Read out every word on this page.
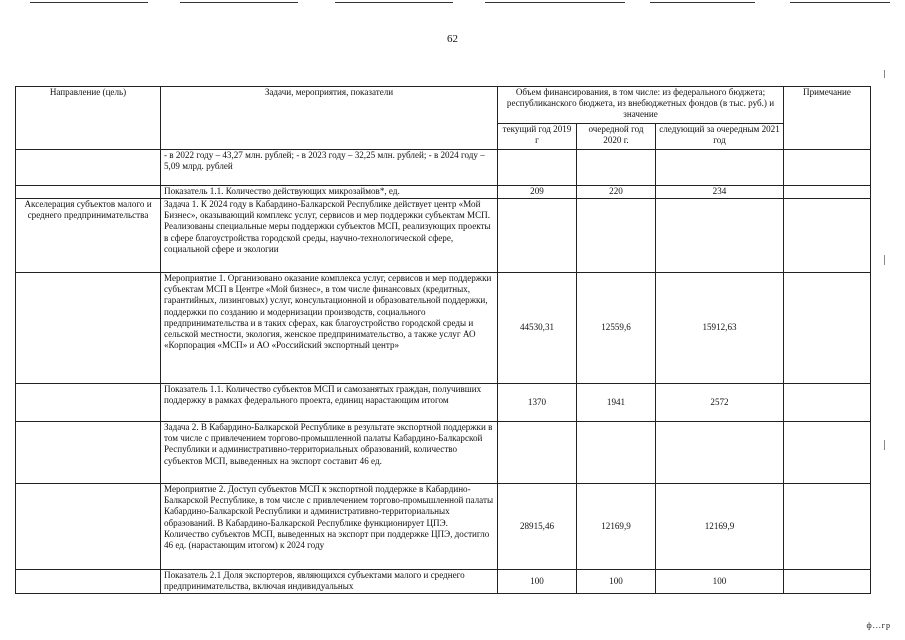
62
Направление (цель)	Задачи, мероприятия, показатели	Объем финансирования, в том числе: из федерального бюджета; республиканского бюджета, из внебюджетных фондов (в тыс. руб.) и значение			Примечание
		текущий год 2019 г	очередной год 2020 г.	следующий за очередным 2021 год	
	- в 2022 году – 43,27 млн. рублей; - в 2023 году – 32,25 млн. рублей; - в 2024 году – 5,09 млрд. рублей				
	Показатель 1.1. Количество действующих микрозаймов*, ед.	209	220	234	
Акселерация субъектов малого и среднего предпринимательства	Задача 1. К 2024 году в Кабардино-Балкарской Республике действует центр «Мой Бизнес», оказывающий комплекс услуг, сервисов и мер поддержки субъектам МСП. Реализованы специальные меры поддержки субъектов МСП, реализующих проекты в сфере благоустройства городской среды, научно-технологической сфере, социальной сфере и экологии				
	Мероприятие 1. Организовано оказание комплекса услуг, сервисов и мер поддержки субъектам МСП в Центре «Мой бизнес», в том числе финансовых (кредитных, гарантийных, лизинговых) услуг, консультационной и образовательной поддержки, поддержки по созданию и модернизации производств, социального предпринимательства и в таких сферах, как благоустройство городской среды и сельской местности, экология, женское предпринимательство, а также услуг АО «Корпорация «МСП» и АО «Российский экспортный центр»	44530,31	12559,6	15912,63	
	Показатель 1.1. Количество субъектов МСП и самозанятых граждан, получивших поддержку в рамках федерального проекта, единиц нарастающим итогом	1370	1941	2572	
	Задача 2. В Кабардино-Балкарской Республике в результате экспортной поддержки в том числе с привлечением торгово-промышленной палаты Кабардино-Балкарской Республики и административно-территориальных образований, количество субъектов МСП, выведенных на экспорт составит 46 ед.				
	Мероприятие 2. Доступ субъектов МСП к экспортной поддержке в Кабардино-Балкарской Республике, в том числе с привлечением торгово-промышленной палаты Кабардино-Балкарской Республики и административно-территориальных образований. В Кабардино-Балкарской Республике функционирует ЦПЭ. Количество субъектов МСП, выведенных на экспорт при поддержке ЦПЭ, достигло 46 ед. (нарастающим итогом) к 2024 году	28915,46	12169,9	12169,9	
	Показатель 2.1 Доля экспортеров, являющихся субъектами малого и среднего предпринимательства, включая индивидуальных	100	100	100	
ф...гр
